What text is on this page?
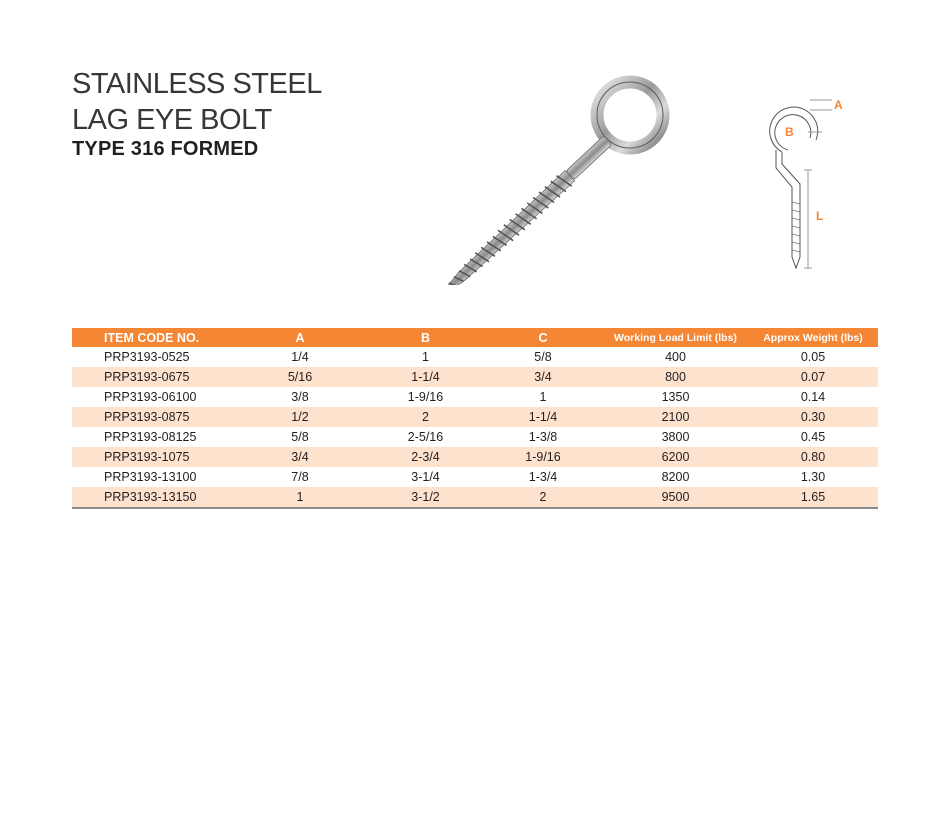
STAINLESS STEEL
LAG EYE BOLT
TYPE 316 FORMED
A
B
L
ITEM CODE NO.	A	B	C	Working Load Limit (lbs)	Approx Weight (lbs)
PRP3193-0525	1/4	1	5/8	400	0.05
PRP3193-0675	5/16	1-1/4	3/4	800	0.07
PRP3193-06100	3/8	1-9/16	1	1350	0.14
PRP3193-0875	1/2	2	1-1/4	2100	0.30
PRP3193-08125	5/8	2-5/16	1-3/8	3800	0.45
PRP3193-1075	3/4	2-3/4	1-9/16	6200	0.80
PRP3193-13100	7/8	3-1/4	1-3/4	8200	1.30
PRP3193-13150	1	3-1/2	2	9500	1.65
